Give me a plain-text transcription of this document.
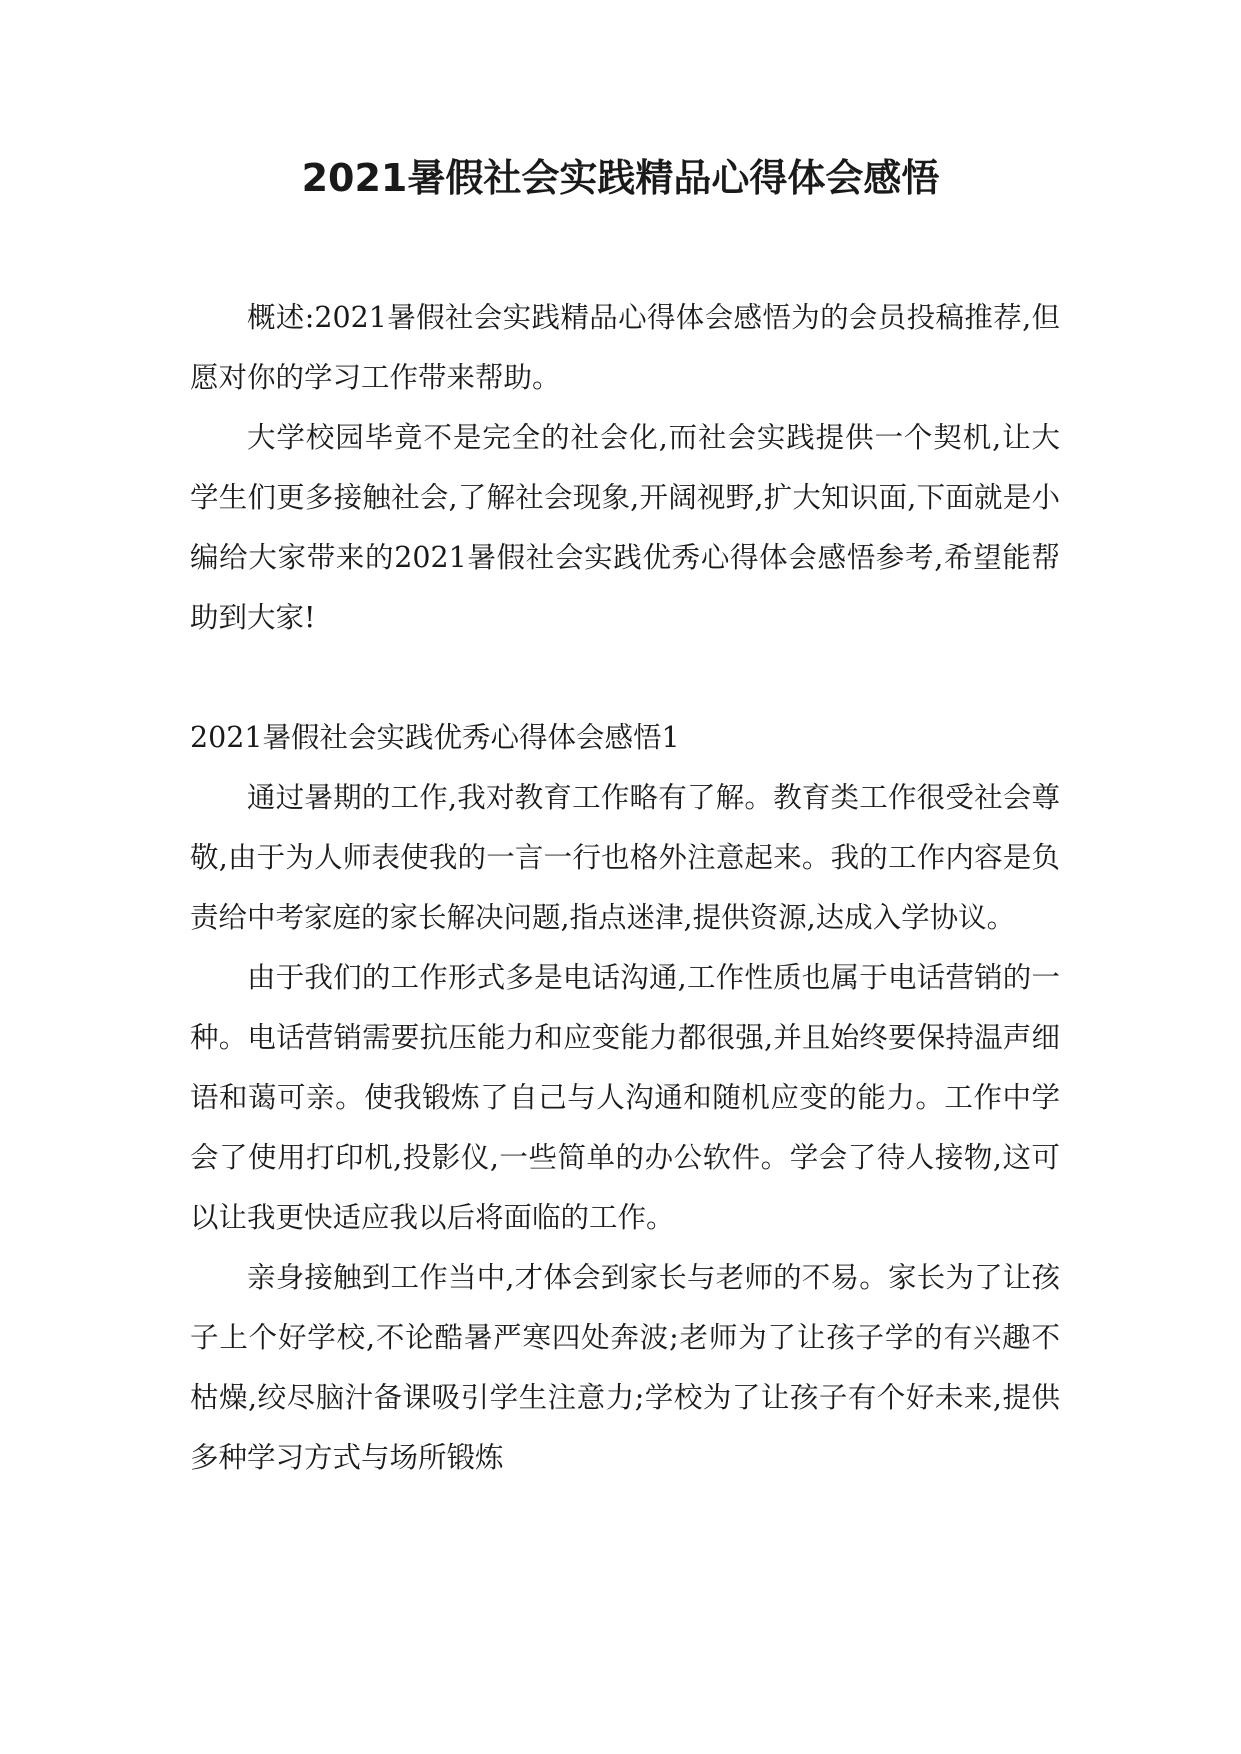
2021暑假社会实践精品心得体会感悟

概述:2021暑假社会实践精品心得体会感悟为的会员投稿推荐,但愿对你的学习工作带来帮助。

大学校园毕竟不是完全的社会化,而社会实践提供一个契机,让大学生们更多接触社会,了解社会现象,开阔视野,扩大知识面,下面就是小编给大家带来的2021暑假社会实践优秀心得体会感悟参考,希望能帮助到大家!

2021暑假社会实践优秀心得体会感悟1

通过暑期的工作,我对教育工作略有了解。教育类工作很受社会尊敬,由于为人师表使我的一言一行也格外注意起来。我的工作内容是负责给中考家庭的家长解决问题,指点迷津,提供资源,达成入学协议。

由于我们的工作形式多是电话沟通,工作性质也属于电话营销的一种。电话营销需要抗压能力和应变能力都很强,并且始终要保持温声细语和蔼可亲。使我锻炼了自己与人沟通和随机应变的能力。工作中学会了使用打印机,投影仪,一些简单的办公软件。学会了待人接物,这可以让我更快适应我以后将面临的工作。

亲身接触到工作当中,才体会到家长与老师的不易。家长为了让孩子上个好学校,不论酷暑严寒四处奔波;老师为了让孩子学的有兴趣不枯燥,绞尽脑汁备课吸引学生注意力;学校为了让孩子有个好未来,提供多种学习方式与场所锻炼
